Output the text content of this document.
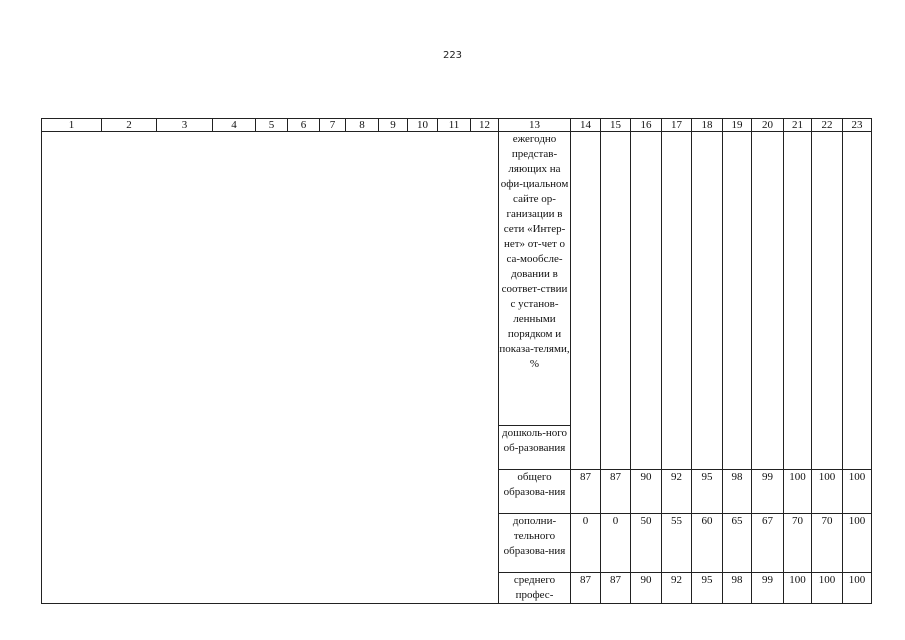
223
1	2	3	4	5	6	7	8	9	10	11	12	13	14	15	16	17	18	19	20	21	22	23
												ежегодно представ-ляющих на офи-циальном сайте ор-ганизации в сети «Интер-нет» от-чет о са-мообсле-довании в соответ-ствии с установ-ленными порядком и показа-телями, %										
												дошколь-ного об-разования										
												общего образова-ния	87	87	90	92	95	98	99	100	100	100
												дополни-тельного образова-ния	0	0	50	55	60	65	67	70	70	100
												среднего профес-	87	87	90	92	95	98	99	100	100	100
